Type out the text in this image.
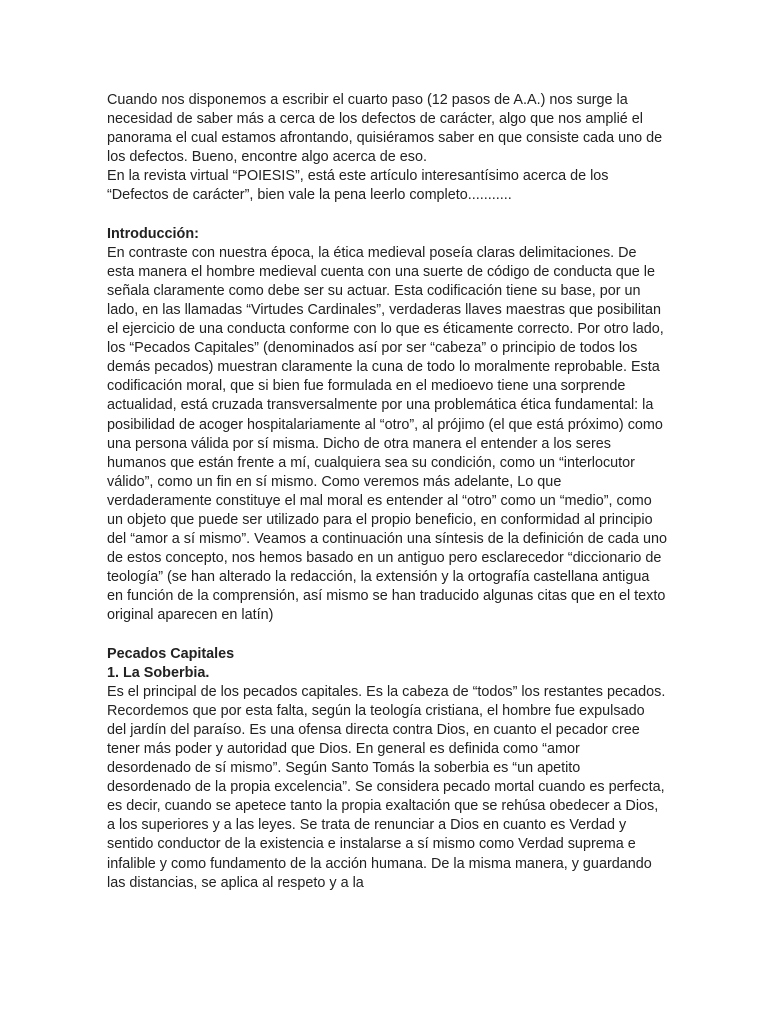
Cuando nos disponemos a escribir el cuarto paso (12 pasos de A.A.) nos surge la necesidad de saber más a cerca de los defectos de carácter, algo que nos amplié el panorama el cual estamos afrontando, quisiéramos saber en que consiste cada uno de los defectos. Bueno, encontre algo acerca de eso.

En la revista virtual “POIESIS”, está este artículo interesantísimo acerca de los “Defectos de carácter”, bien vale la pena leerlo completo...........

Introducción:

En contraste con nuestra época, la ética medieval poseía claras delimitaciones. De esta manera el hombre medieval cuenta con una suerte de código de conducta que le señala claramente como debe ser su actuar. Esta codificación tiene su base, por un lado, en las llamadas “Virtudes Cardinales”, verdaderas llaves maestras que posibilitan el ejercicio de una conducta conforme con lo que es éticamente correcto. Por otro lado, los “Pecados Capitales” (denominados así por ser “cabeza” o principio de todos los demás pecados) muestran claramente la cuna de todo lo moralmente reprobable. Esta codificación moral, que si bien fue formulada en el medioevo tiene una sorprende actualidad, está cruzada transversalmente por una problemática ética fundamental: la posibilidad de acoger hospitalariamente al “otro”, al prójimo (el que está próximo) como una persona válida por sí misma. Dicho de otra manera el entender a los seres humanos que están frente a mí, cualquiera sea su condición, como un “interlocutor válido”, como un fin en sí mismo. Como veremos más adelante, Lo que verdaderamente constituye el mal moral es entender al “otro” como un “medio”, como un objeto que puede ser utilizado para el propio beneficio, en conformidad al principio del “amor a sí mismo”. Veamos a continuación una síntesis de la definición de cada uno de estos concepto, nos hemos basado en un antiguo pero esclarecedor “diccionario de teología” (se han alterado la redacción, la extensión y la ortografía castellana antigua en función de la comprensión, así mismo se han traducido algunas citas que en el texto original aparecen en latín)

Pecados Capitales

1. La Soberbia.

Es el principal de los pecados capitales. Es la cabeza de “todos” los restantes pecados. Recordemos que por esta falta, según la teología cristiana, el hombre fue expulsado del jardín del paraíso. Es una ofensa directa contra Dios, en cuanto el pecador cree tener más poder y autoridad que Dios. En general es definida como “amor desordenado de sí mismo”. Según Santo Tomás la soberbia es “un apetito desordenado de la propia excelencia”. Se considera pecado mortal cuando es perfecta, es decir, cuando se apetece tanto la propia exaltación que se rehúsa obedecer a Dios, a los superiores y a las leyes. Se trata de renunciar a Dios en cuanto es Verdad y sentido conductor de la existencia e instalarse a sí mismo como Verdad suprema e infalible y como fundamento de la acción humana. De la misma manera, y guardando las distancias, se aplica al respeto y a la
